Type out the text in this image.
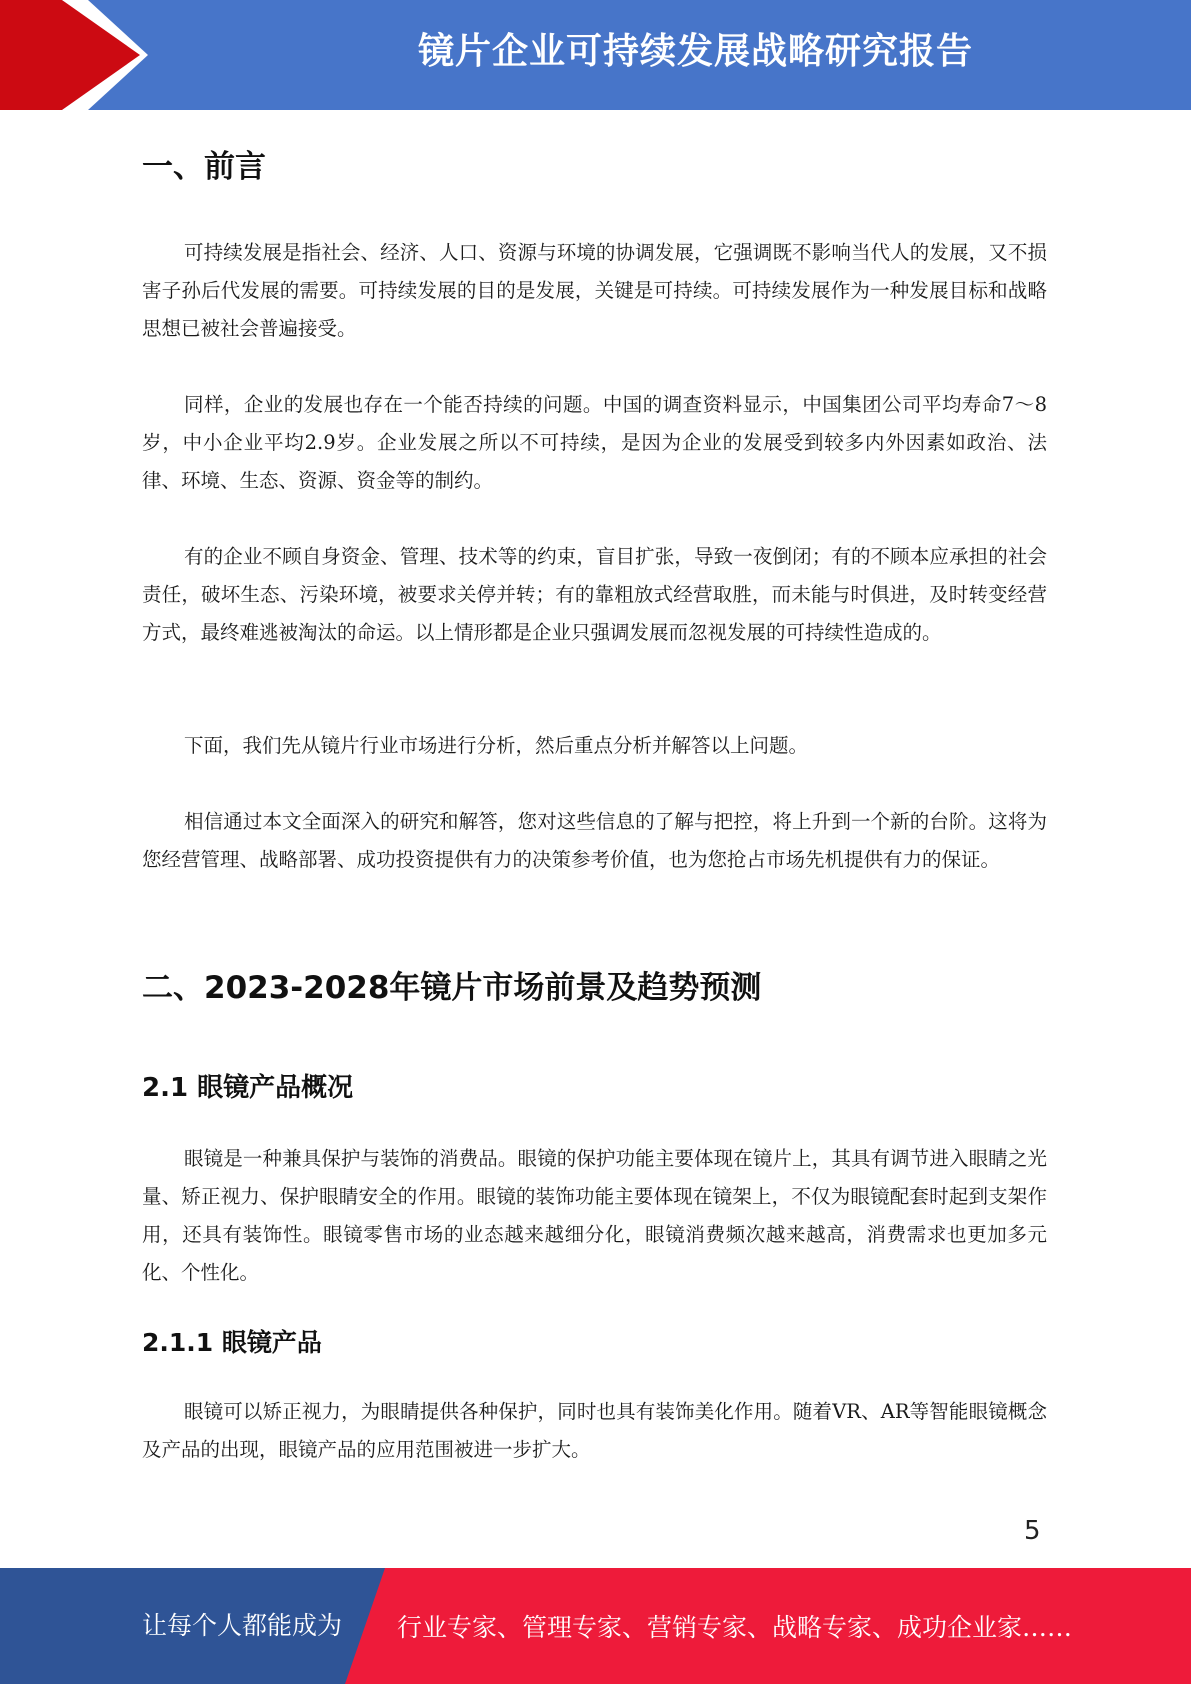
镜片企业可持续发展战略研究报告
一、前言

可持续发展是指社会、经济、人口、资源与环境的协调发展，它强调既不影响当代人的发展，又不损害子孙后代发展的需要。可持续发展的目的是发展，关键是可持续。可持续发展作为一种发展目标和战略思想已被社会普遍接受。

同样，企业的发展也存在一个能否持续的问题。中国的调查资料显示，中国集团公司平均寿命7～8岁，中小企业平均2.9岁。企业发展之所以不可持续，是因为企业的发展受到较多内外因素如政治、法律、环境、生态、资源、资金等的制约。

有的企业不顾自身资金、管理、技术等的约束，盲目扩张，导致一夜倒闭；有的不顾本应承担的社会责任，破坏生态、污染环境，被要求关停并转；有的靠粗放式经营取胜，而未能与时俱进，及时转变经营方式，最终难逃被淘汰的命运。以上情形都是企业只强调发展而忽视发展的可持续性造成的。

下面，我们先从镜片行业市场进行分析，然后重点分析并解答以上问题。

相信通过本文全面深入的研究和解答，您对这些信息的了解与把控，将上升到一个新的台阶。这将为您经营管理、战略部署、成功投资提供有力的决策参考价值，也为您抢占市场先机提供有力的保证。

二、2023-2028年镜片市场前景及趋势预测
2.1 眼镜产品概况

眼镜是一种兼具保护与装饰的消费品。眼镜的保护功能主要体现在镜片上，其具有调节进入眼睛之光量、矫正视力、保护眼睛安全的作用。眼镜的装饰功能主要体现在镜架上，不仅为眼镜配套时起到支架作用，还具有装饰性。眼镜零售市场的业态越来越细分化，眼镜消费频次越来越高，消费需求也更加多元化、个性化。

2.1.1 眼镜产品

眼镜可以矫正视力，为眼睛提供各种保护，同时也具有装饰美化作用。随着VR、AR等智能眼镜概念及产品的出现，眼镜产品的应用范围被进一步扩大。

5
让每个人都能成为 行业专家、管理专家、营销专家、战略专家、成功企业家……
